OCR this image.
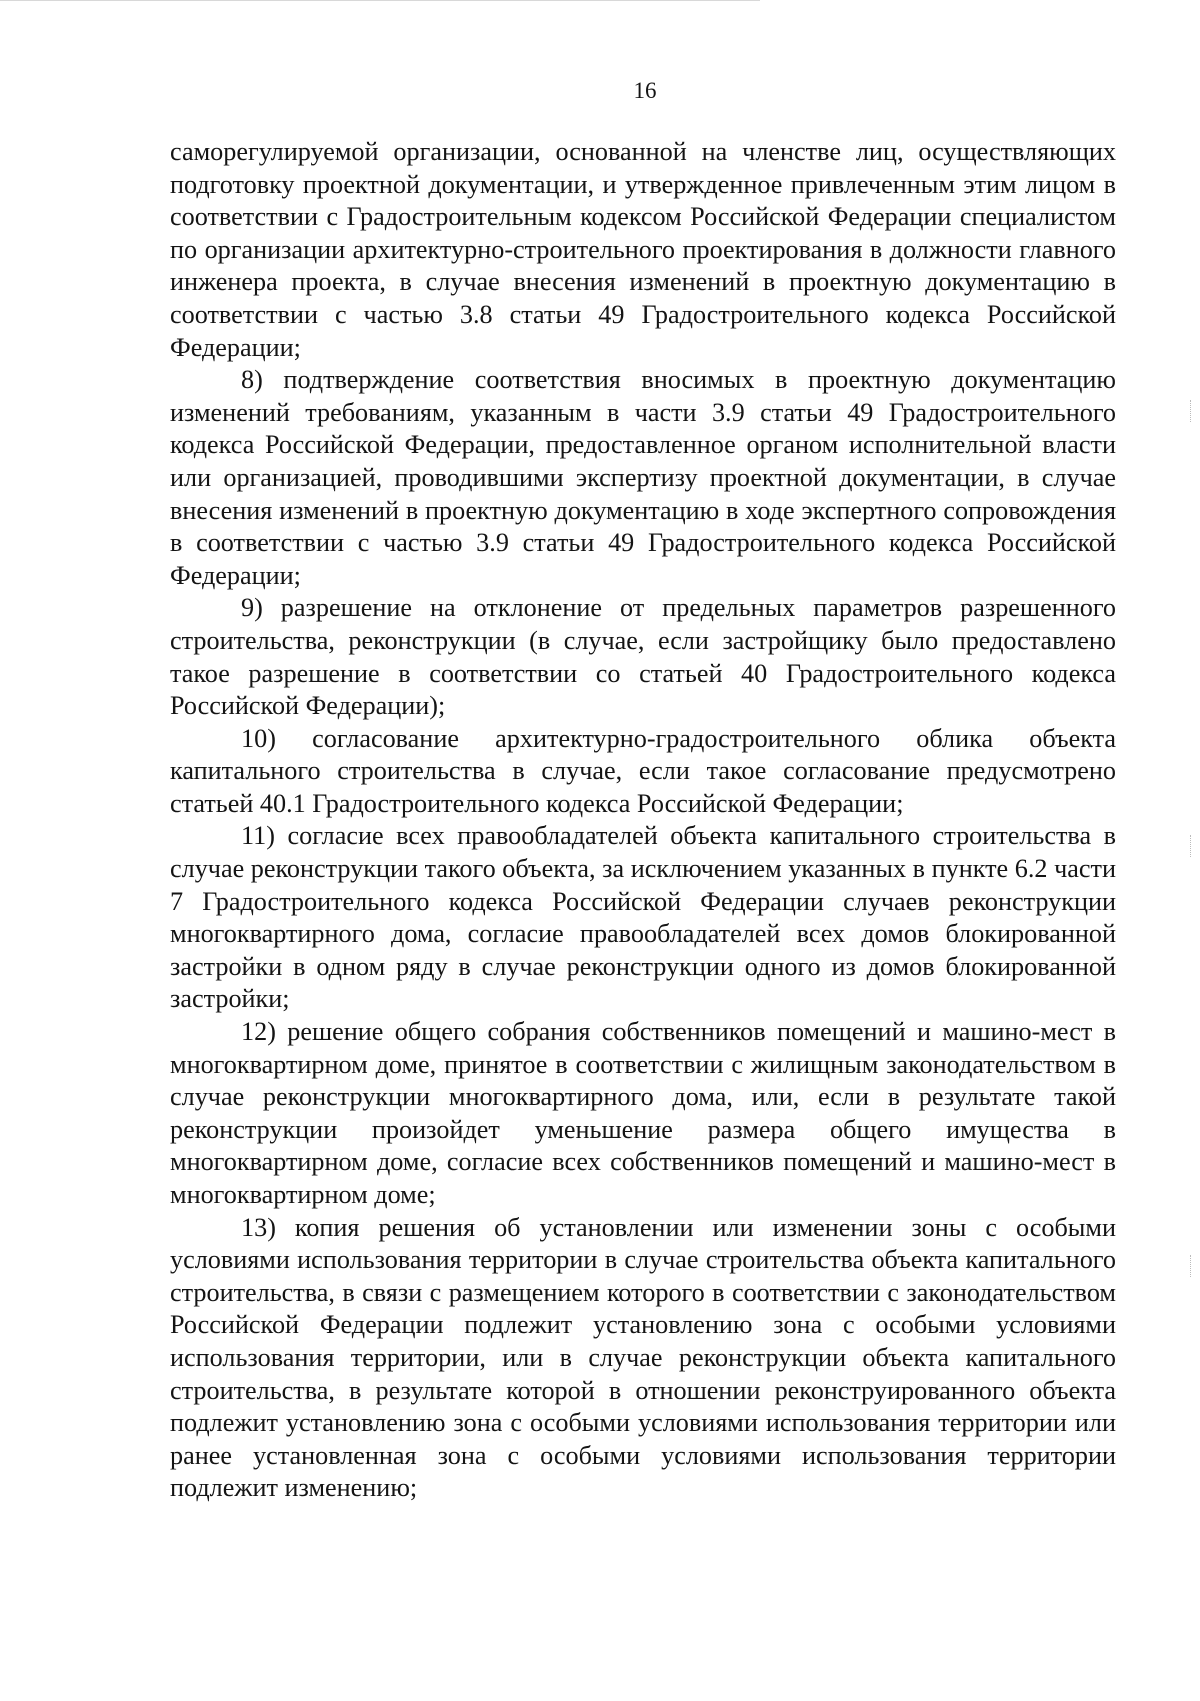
16

саморегулируемой организации, основанной на членстве лиц, осуществляющих подготовку проектной документации, и утвержденное привлеченным этим лицом в соответствии с Градостроительным кодексом Российской Федерации специалистом по организации архитектурно-строительного проектирования в должности главного инженера проекта, в случае внесения изменений в проектную документацию в соответствии с частью 3.8 статьи 49 Градостроительного кодекса Российской Федерации;

8) подтверждение соответствия вносимых в проектную документацию изменений требованиям, указанным в части 3.9 статьи 49 Градостроительного кодекса Российской Федерации, предоставленное органом исполнительной власти или организацией, проводившими экспертизу проектной документации, в случае внесения изменений в проектную документацию в ходе экспертного сопровождения в соответствии с частью 3.9 статьи 49 Градостроительного кодекса Российской Федерации;

9) разрешение на отклонение от предельных параметров разрешенного строительства, реконструкции (в случае, если застройщику было предоставлено такое разрешение в соответствии со статьей 40 Градостроительного кодекса Российской Федерации);

10) согласование архитектурно-градостроительного облика объекта капитального строительства в случае, если такое согласование предусмотрено статьей 40.1 Градостроительного кодекса Российской Федерации;

11) согласие всех правообладателей объекта капитального строительства в случае реконструкции такого объекта, за исключением указанных в пункте 6.2 части 7 Градостроительного кодекса Российской Федерации случаев реконструкции многоквартирного дома, согласие правообладателей всех домов блокированной застройки в одном ряду в случае реконструкции одного из домов блокированной застройки;

12) решение общего собрания собственников помещений и машино-мест в многоквартирном доме, принятое в соответствии с жилищным законодательством в случае реконструкции многоквартирного дома, или, если в результате такой реконструкции произойдет уменьшение размера общего имущества в многоквартирном доме, согласие всех собственников помещений и машино-мест в многоквартирном доме;

13) копия решения об установлении или изменении зоны с особыми условиями использования территории в случае строительства объекта капитального строительства, в связи с размещением которого в соответствии с законодательством Российской Федерации подлежит установлению зона с особыми условиями использования территории, или в случае реконструкции объекта капитального строительства, в результате которой в отношении реконструированного объекта подлежит установлению зона с особыми условиями использования территории или ранее установленная зона с особыми условиями использования территории подлежит изменению;
